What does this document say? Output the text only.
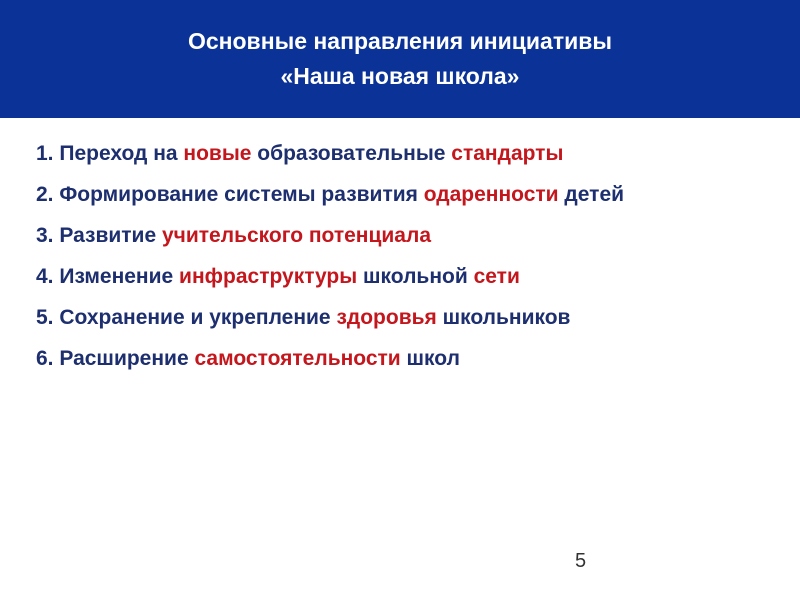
Основные направления инициативы
«Наша новая школа»
1. Переход на новые образовательные стандарты
2. Формирование системы развития одаренности детей
3. Развитие учительского потенциала
4. Изменение инфраструктуры школьной сети
5. Сохранение и укрепление здоровья школьников
6. Расширение самостоятельности школ
5
